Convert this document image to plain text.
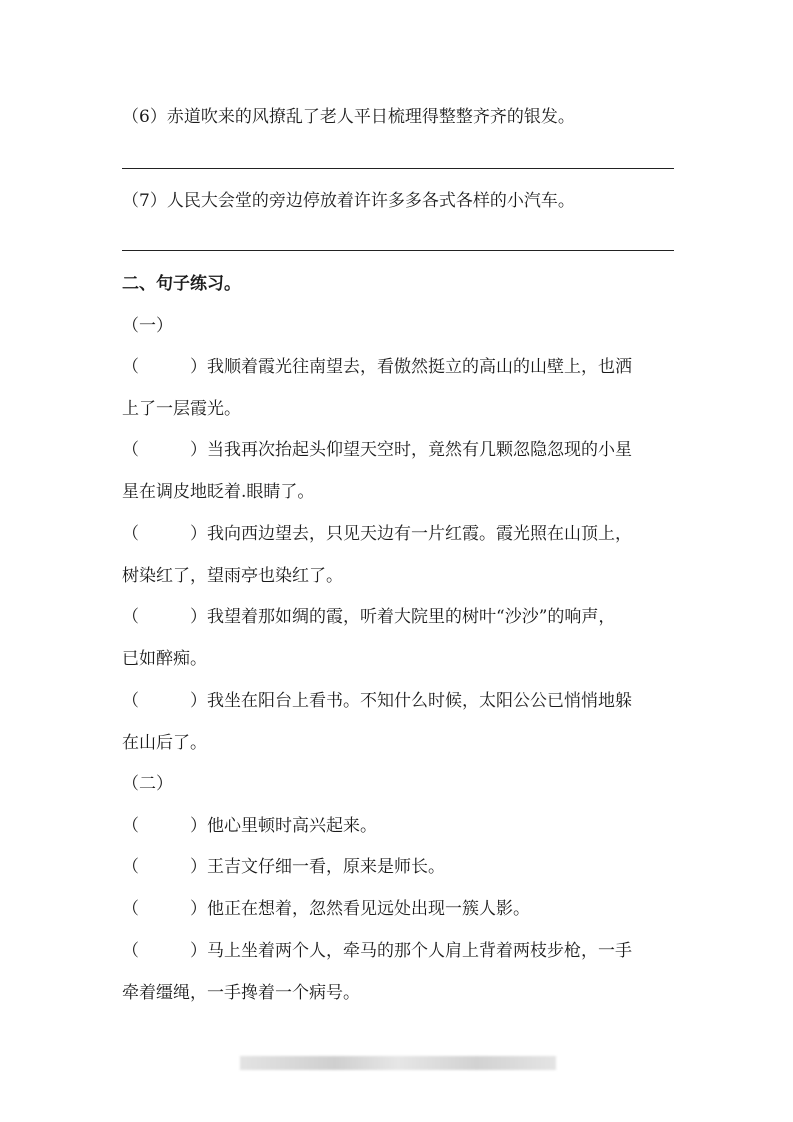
（6）赤道吹来的风撩乱了老人平日梳理得整整齐齐的银发。
（7）人民大会堂的旁边停放着许许多多各式各样的小汽车。
二、句子练习。
（一）
（　　　）我顺着霞光往南望去，看傲然挺立的高山的山壁上，也洒
上了一层霞光。
（　　　）当我再次抬起头仰望天空时，竟然有几颗忽隐忽现的小星
星在调皮地眨着.眼睛了。
（　　　）我向西边望去，只见天边有一片红霞。霞光照在山顶上，
树染红了，望雨亭也染红了。
（　　　）我望着那如绸的霞，听着大院里的树叶“沙沙”的响声，
已如醉痴。
（　　　）我坐在阳台上看书。不知什么时候，太阳公公已悄悄地躲
在山后了。
（二）
（　　　）他心里顿时高兴起来。
（　　　）王吉文仔细一看，原来是师长。
（　　　）他正在想着，忽然看见远处出现一簇人影。
（　　　）马上坐着两个人，牵马的那个人肩上背着两枝步枪，一手
牵着缰绳，一手搀着一个病号。
